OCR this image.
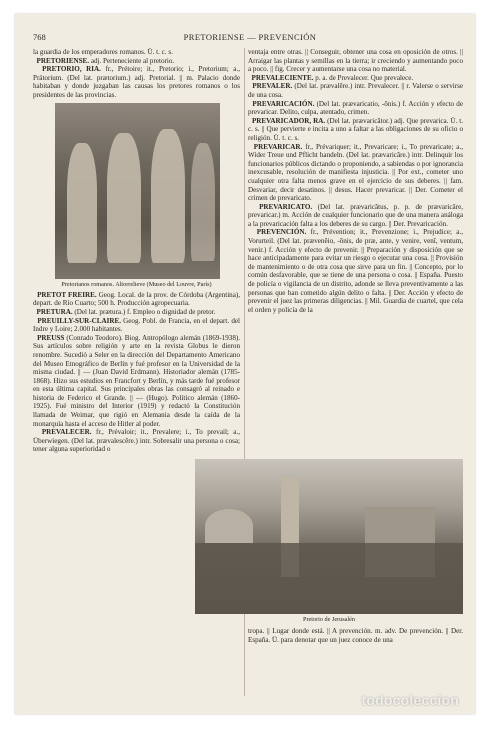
768	PRETORIENSE — PREVENCIÓN

la guardia de los emperadores romanos. Ü. t. c. s.

PRETORIENSE. adj. Perteneciente al pretorio.

PRETORIO, RIA. fr., Prétoire; it., Pretorio; i., Pretorium; a., Prätorium. (Del lat. prætorium.) adj. Pretorial. || m. Palacio donde habitaban y donde juzgaban las causas los pretores romanos o los presidentes de las provincias.

Pretorianos romanos. Altorrelieve (Museo del Louvre, París)

PRETOT FREIRE. Geog. Local. de la prov. de Córdoba (Argentina), depart. de Río Cuarto; 500 h. Producción agropecuaria.

PRETURA. (Del lat. prætura.) f. Empleo o dignidad de pretor.

PREUILLY-SUR-CLAIRE. Geog. Pobl. de Francia, en el depart. del Indre y Loire; 2.000 habitantes.

PREUSS (Conrado Teodoro). Biog. Antropólogo alemán (1869-1938). Sus artículos sobre religión y arte en la revista Globus le dieron renombre. Sucedió a Seler en la dirección del Departamento Americano del Museo Etnográfico de Berlín y fué profesor en la Universidad de la misma ciudad. || — (Juan David Erdmann). Historiador alemán (1785-1868). Hizo sus estudios en Francfort y Berlín, y más tarde fué profesor en esta última capital. Sus principales obras las consagró al reinado e historia de Federico el Grande. || — (Hugo). Político alemán (1860-1925). Fué ministro del Interior (1919) y redactó la Constitución llamada de Weimar, que rigió en Alemania desde la caída de la monarquía hasta el acceso de Hitler al poder.

PREVALECER. fr., Prévaloir; it., Prevalere; i., To prevail; a., Überwiegen. (Del lat. prævalescĕre.) intr. Sobresalir una persona o cosa; tener alguna superioridad o

ventaja entre otras. || Conseguir, obtener una cosa en oposición de otros. || Arraigar las plantas y semillas en la tierra; ir creciendo y aumentando poco a poco. || fig. Crecer y aumentarse una cosa no material.

PREVALECIENTE. p. a. de Prevalecer. Que prevalece.

PREVALER. (Del lat. prævalēre.) intr. Prevalecer. || r. Valerse o servirse de una cosa.

PREVARICACIÓN. (Del lat. prævaricatio, -ōnis.) f. Acción y efecto de prevaricar. Delito, culpa, atentado, crimen.

PREVARICADOR, RA. (Del lat. prævaricātor.) adj. Que prevarica. Ü. t. c. s. || Que pervierte e incita a uno a faltar a las obligaciones de su oficio o religión. Ü. t. c. s.

PREVARICAR. fr., Prévariquer; it., Prevaricare; i., To prevaricate; a., Wider Treue und Pflicht handeln. (Del lat. prævaricāre.) intr. Delinquir los funcionarios públicos dictando o proponiendo, a sabiendas o por ignorancia inexcusable, resolución de manifiesta injusticia. || Por ext., cometer uno cualquier otra falta menos grave en el ejercicio de sus deberes. || fam. Desvariar, decir desatinos. || desus. Hacer prevaricar. || Der. Cometer el crimen de prevaricato.

PREVARICATO. (Del lat. prævaricātus, p. p. de prævaricāre, prevaricar.) m. Acción de cualquier funcionario que de una manera análoga a la prevaricación falta a los deberes de su cargo. || Der. Prevaricación.

PREVENCIÓN. fr., Prévention; it., Prevenzione; i., Prejudice; a., Vorurteil. (Del lat. prævenĕio, -ōnis, de præ, ante, y venire, venī, ventum, venir.) f. Acción y efecto de prevenir. || Preparación y disposición que se hace anticipadamente para evitar un riesgo o ejecutar una cosa. || Provisión de mantenimiento o de otra cosa que sirve para un fin. || Concepto, por lo común desfavorable, que se tiene de una persona o cosa. || España. Puesto de policía o vigilancia de un distrito, adonde se lleva preventivamente a las personas que han cometido algún delito o falta. || Der. Acción y efecto de prevenir el juez las primeras diligencias. || Mil. Guardia de cuartel, que cela el orden y policía de la

Pretorio de Jerusalén

tropa. || Lugar donde está. || A prevención. m. adv. De prevención. || Der. España. Ü. para denotar que un juez conoce de una

todocoleccion
